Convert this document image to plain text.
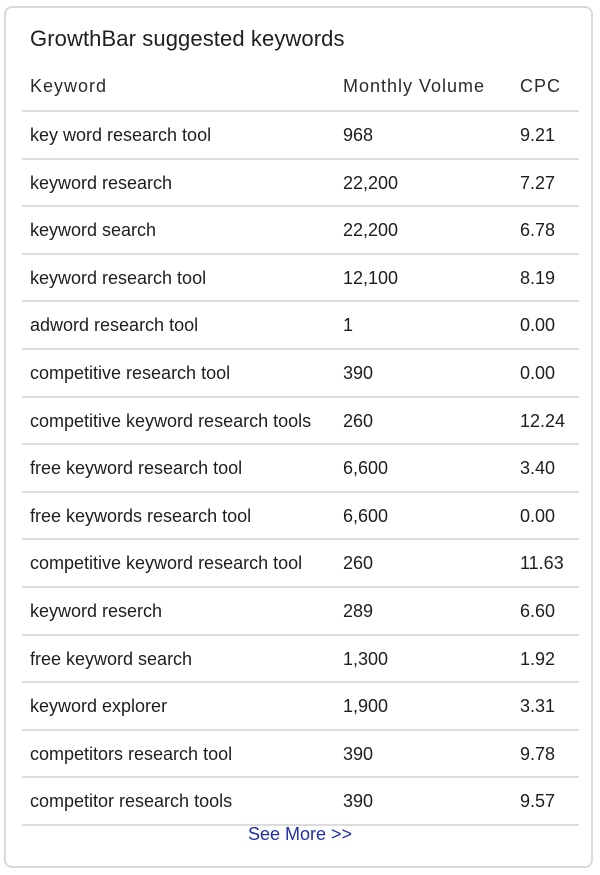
GrowthBar suggested keywords
Keyword	Monthly Volume CPC
key word research tool	968	9.21
keyword research	22,200	7.27
keyword search	22,200	6.78
keyword research tool	12,100	8.19
adword research tool	1	0.00
competitive research tool	390	0.00
competitive keyword research tools 260	12.24
free keyword research tool	6,600	3.40
free keywords research tool	6,600	0.00
competitive keyword research tool 260	11.63
keyword reserch	289	6.60
free keyword search	1,300	1.92
keyword explorer	1,900	3.31
competitors research tool	390	9.78
competitor research tools	390	9.57
See More >>
